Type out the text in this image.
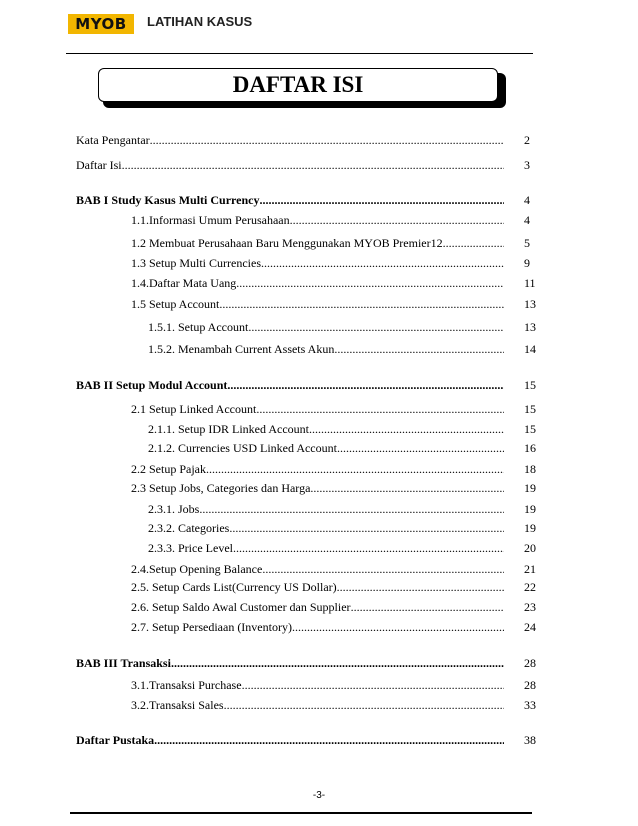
MYOB	LATIHAN KASUS
DAFTAR ISI
Kata Pengantar .....	2
Daftar Isi .....	3
BAB I Study Kasus Multi Currency .....	4
1.1.Informasi Umum Perusahaan .....	4
1.2 Membuat Perusahaan Baru Menggunakan MYOB Premier12 .....	5
1.3 Setup Multi Currencies .....	9
1.4.Daftar Mata Uang .....	11
1.5 Setup Account .....	13
1.5.1. Setup Account .....	13
1.5.2. Menambah Current Assets Akun .....	14
BAB II Setup Modul Account .....	15
2.1 Setup Linked Account .....	15
2.1.1. Setup IDR Linked Account .....	15
2.1.2. Currencies USD Linked Account .....	16
2.2 Setup Pajak .....	18
2.3 Setup Jobs, Categories dan Harga .....	19
2.3.1. Jobs .....	19
2.3.2. Categories .....	19
2.3.3. Price Level .....	20
2.4.Setup Opening Balance .....	21
2.5. Setup Cards List(Currency US Dollar) .....	22
2.6. Setup Saldo Awal Customer dan Supplier .....	23
2.7. Setup Persediaan (Inventory) .....	24
BAB III Transaksi .....	28
3.1.Transaksi Purchase .....	28
3.2.Transaksi Sales .....	33
Daftar Pustaka .....	38
-3-
